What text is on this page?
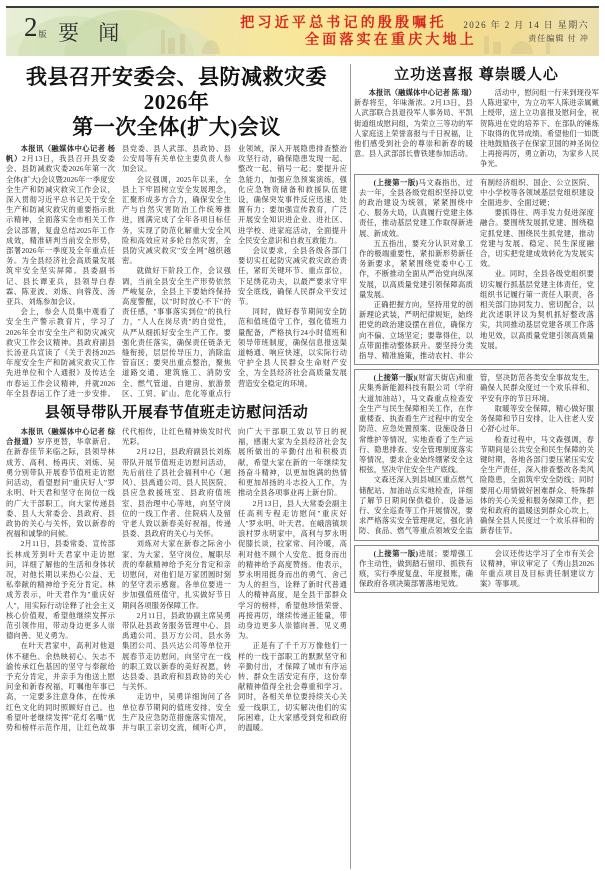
2 版 要 闻	把习近平总书记的殷殷嘱托
全面落实在重庆大地上
2026 年 2 月 14 日 星期六
责任编辑 付 冲
我县召开安委会、县防减救灾委2026年
第一次全体(扩大)会议

本报讯（融媒体中心记者 杨 帆）2月13日，我县召开县安委会、县防减救灾委2026年第一次全体(扩大)会议暨2026年一季度安全生产和防减灾救灾工作会议，深入贯彻习近平总书记关于安全生产和防减灾救灾的重要指示批示精神，全面落实全市相关工作会议部署，复盘总结2025年工作成效，精准研判当前安全形势，部署2026年一季度及全年重点任务。为全县经济社会高质量发展筑牢安全坚实屏障。县委副书记、县长谭亚兵，县领导白春霖、陈亚波、刘炼、向蓉茂、汤亚兵、刘炼参加会议。

会上，参会人员集中观看了安全生产警示教育片，学习了2026年全市安全生产和防灾减灾救灾工作会议精神。县政府副县长汤亚兵宣读了《关于表扬2025年度安全生产和防减灾救灾工作先进单位和个人通报》及传达全市春运工作会议精神，并就2026年全县春运工作了进一步安排。县党委、县人武部、县政协、县公安局等有关单位主要负责人参加会议。

会议强调，2025年以来，全县上下牢固树立安全发展理念，汇聚形成多方合力，确保安全生产与自然灾害防治工作统筹推进，圆满完成了全年各项目标任务，实现了防范化解重大安全风险和高效应对多轮自然灾害，全县防灾减灾救灾"安全网"越织越密。

就做好下阶段工作，会议强调，当前全县安全生产形势依然严峻复杂，全县上下要始终保持高度警醒，以"时时放心不下"的责任感，"事事落实到位"的执行力，"人人在岗尽责"的自觉性，从严从细抓好安全生产工作。要强化责任落实，确保责任链条无缝衔接，层层传导压力，消除监管盲区；要突出重点整治，聚焦道路交通、建筑施工、消防安全、燃气管道、自建房、旅游景区、工贸、矿山、危化等重点行业领域，深入开展隐患排查整治攻坚行动，确保隐患发现一起、整改一起、销号一起；要提升应急能力，加强应急预案演练，强化应急物资储备和救援队伍建设，确保突发事件反应迅速、处置有力；要加强宣传教育，广泛开展安全知识进企业、进社区、进学校、进家庭活动，全面提升全民安全意识和自救互救能力。

会议要求，全县各级各部门要切实扛起防灾减灾救灾政治责任，紧盯关键环节、重点部位，下足绣花功夫，以最严要求守牢安全底线，确保人民群众平安过节。

同时，做好春节期间安全防范和值班值守工作，强化值班力量配备，严格执行24小时值班和领导带班制度，确保信息报送渠道畅通、响应快速，以实际行动守护全县人民群众生命财产安全，为全县经济社会高质量发展营造安全稳定的环境。

县领导带队开展春节值班走访慰问活动

本报讯（融媒体中心记者 综合报道）岁序更替，华章新启。在新春佳节来临之际，县领导林成芳、高利、杨再庆、刘炼、吴勇分别带队开展春节值班走访慰问活动，看望慰问"重庆好人"罗永明、叶天君和坚守在岗位一线的广大干部职工，向大家传递县委、县人大常委会、县政府、县政协的关心与关怀，致以新春的祝福和诚挚的问候。

2月11日，县委常委、宣传部长林成芳到叶天君家中走访慰问，详细了解他的生活和身体状况，对他长期以来热心公益、无私奉献的精神给予充分肯定。林成芳表示，叶天君作为"重庆好人"，用实际行动诠释了社会主义核心价值观，希望他继续发挥示范引领作用，带动身边更多人崇德向善、见义勇为。

在叶天君家中，高利对他退休不褪色、余热映初心、矢志不渝传承红色基因的坚守与奉献给予充分肯定，并亲手为他送上慰问金和新春祝福，叮嘱他年事已高，一定要多注意身体，在传承红色文化的同时照顾好自己。也希望叶老继续发挥"花灯名嘴"优势和榜样示范作用，让红色故事代代相传，让红色精神焕发时代光彩。

2月12日，县政府副县长刘炼带队开展节值班走访慰问活动，先后前往了县社会福利中心（迴风）、县禹通公司、县人民医院、县应急救援班室、县政府值班室、县治理中心等地，向坚守岗位的一线工作者、住院病人及留守老人致以新春美好祝福，传递县委、县政府的关心与关怀。

刘炼对大家在新春之际舍小家、为大家、坚守岗位、履职尽责的奉献精神给予充分肯定和亲切慰问，对他们是万家团圆时刻的坚守表示感谢。各单位要进一步加强值班值守，扎实做好节日期间各项服务保障工作。

2月11日，县政协副主席吴勇带队赴县政务服务管理中心、县禹通公司、县万方公司、县水务集团公司、县兴达公司等单位开展春节走访慰问，向坚守在一线的职工致以新春的美好祝愿，转达县委、县政府和县政协的关心与关怀。

走访中，吴勇详细询问了各单位春节期间的值班安排、安全生产及应急防范措施落实情况，并与职工亲切交流，倾听心声，向广大干部职工致以节日的祝福，感谢大家为全县经济社会发展所做出的辛勤付出和积极贡献，希望大家在新的一年继续发扬奋斗精神，以更加饱满的热情和更加昂扬的斗志投入工作，为推动全县各项事业再上新台阶。

2月13日，县人大常委会副主任高利专程走访慰问"重庆好人"罗永明、叶天君。在峨溶镇坝浪村罗永明家中，高利与罗永明促膝长谈，拉家常、问冷暖，高利对他不顾个人安危、挺身而出的精神给予高度赞扬。他表示，罗永明用挺身而出的勇气、舍己为人的担当，诠释了新时代普通人的精神高度，是全县干部群众学习的榜样，希望他珍惜荣誉、再接再厉，继续传递正能量，带动身边更多人崇德向善、见义勇为。

正是有了千千万万像他们一样的一线干部职工的默默坚守和辛勤付出，才保障了城市有序运转、群众生活安定有序，这份奉献精神值得全社会尊重和学习。同时，各相关单位要持续关心关爱一线职工，切实解决他们的实际困难，让大家感受到党和政府的温暖。

立功送喜报 尊崇暖人心

本报讯（融媒体中心记者 陈 瑞）新春将至，年味渐浓。2月13日，县人武部联合县退役军人事务局、平凯街道组成慰问组，为荣立三等功的军人家庭送上荣誉喜报与千日祝福，让他们感受到社会的尊崇和新春的暖意。县人武部部长曹铁建参加活动。

活动中，慰问组一行来到现役军人陈进家中，为立功军人陈进亲属戴上绶带，送上立功喜报及慰问金，祝贺陈进在党的培养下、在部队的锤炼下取得的优异成绩。希望他们一如既往地鼓励孩子在保家卫国的神圣岗位上再接再厉，勇立新功，为家乡人民争光。

(上接第一版)马文森指出，过去一年，全县各级党组织坚持以党的政治建设为统领，紧紧围绕中心、服务大局，认真履行党建主体责任，推动基层党建工作取得新进展、新成效。

五五指出，要充分认识对象工作的极端重要性，紧扣新形势新任务新要求，紧紧围绕党委中心工作，不断推动全面从严治党向纵深发展，以高质量党建引领保障高质量发展。

正确把握方向，坚持用党的创新理论武装，严明纪律规矩，始终把党的政治建设摆在首位，确保方向不偏、立场坚定；要靠得住，以点带面推动整体跃升。要坚持分类指导、精准施策，推动农村、非公有制经济组织、国企、公立医院、中小学校等各领域基层党组织建设全面进步、全面过硬；

要抓得住、两手发力促进深度融合。要围绕发展抓党建、围绕稳定抓党建、围绕民生抓党建，推动党建与发展、稳定、民生深度融合，切实把党建成效转化为发展实效。

业。同时，全县各级党组织要切实履行抓基层党建主体责任，党组织书记履行第一责任人职责，各相关部门协同发力、密切配合，以此次述职评议为契机抓好整改落实，共同推动基层党建各项工作落地见效，以高质量党建引领高质量发展。

(上接第一版)(财富天街店)和重庆集秀新能源科技有限公司（学府大道加油站），马文森重点检查安全生产与民生保障相关工作，在作重楼查、执查看生产过程中的安全防范、应急处置预案、设施设备日常维护等情况，实地查看了生产运行、隐患排查、安全管理制度落实等情况，要求企业始终绷紧安全这根弦，坚决守住安全生产底线。

文森还深入到县城区重点燃气储配站、加油站点实地检查，详细了解节日期间保供稳价、设备运行、安全巡查等工作开展情况，要求严格落实安全管理规定，强化消防、食品、燃气等重点领域安全监管，坚决防范各类安全事故发生，确保人民群众度过一个欢乐祥和、平安有序的节日环境。

取暖等安全保障，精心做好服务保障和节日安排，让入住老人安心舒心过年。

检查过程中，马文森强调，春节期间是公共安全和民生保障的关键时期，各地各部门要压紧压实安全生产责任，深入排查整改各类风险隐患，全面筑牢安全防线；同时要用心用情做好困难群众、特殊群体的关心关爱和服务保障工作，把党和政府的温暖送到群众心坎上，确保全县人民度过一个欢乐祥和的新春佳节。

(上接第一版)进展；要增强工作主动性，做到踏石留印、抓铁有痕，实行季度复盘、年度报账，确保政府各项决策部署落地见效。

会议还传达学习了全市有关会议精神，审议审定了《秀山县2026年重点项目及目标责任制建议方案》等事项。
